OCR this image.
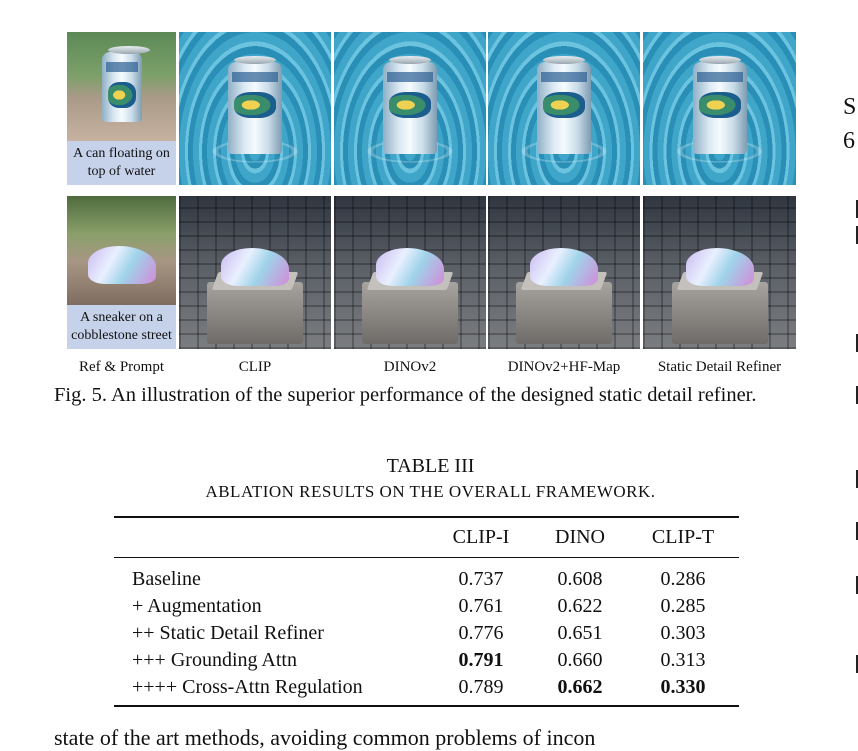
A can floating on top of water
A sneaker on a cobblestone street
Ref & Prompt	CLIP	DINOv2	DINOv2+HF-Map	Static Detail Refiner
Fig. 5. An illustration of the superior performance of the designed static detail refiner.
TABLE III
ABLATION RESULTS ON THE OVERALL FRAMEWORK.
	CLIP-I	DINO	CLIP-T
Baseline	0.737	0.608	0.286
+ Augmentation	0.761	0.622	0.285
++ Static Detail Refiner	0.776	0.651	0.303
+++ Grounding Attn	0.791	0.660	0.313
++++ Cross-Attn Regulation	0.789	0.662	0.330
state of the art methods, avoiding common problems of incon
S
6
